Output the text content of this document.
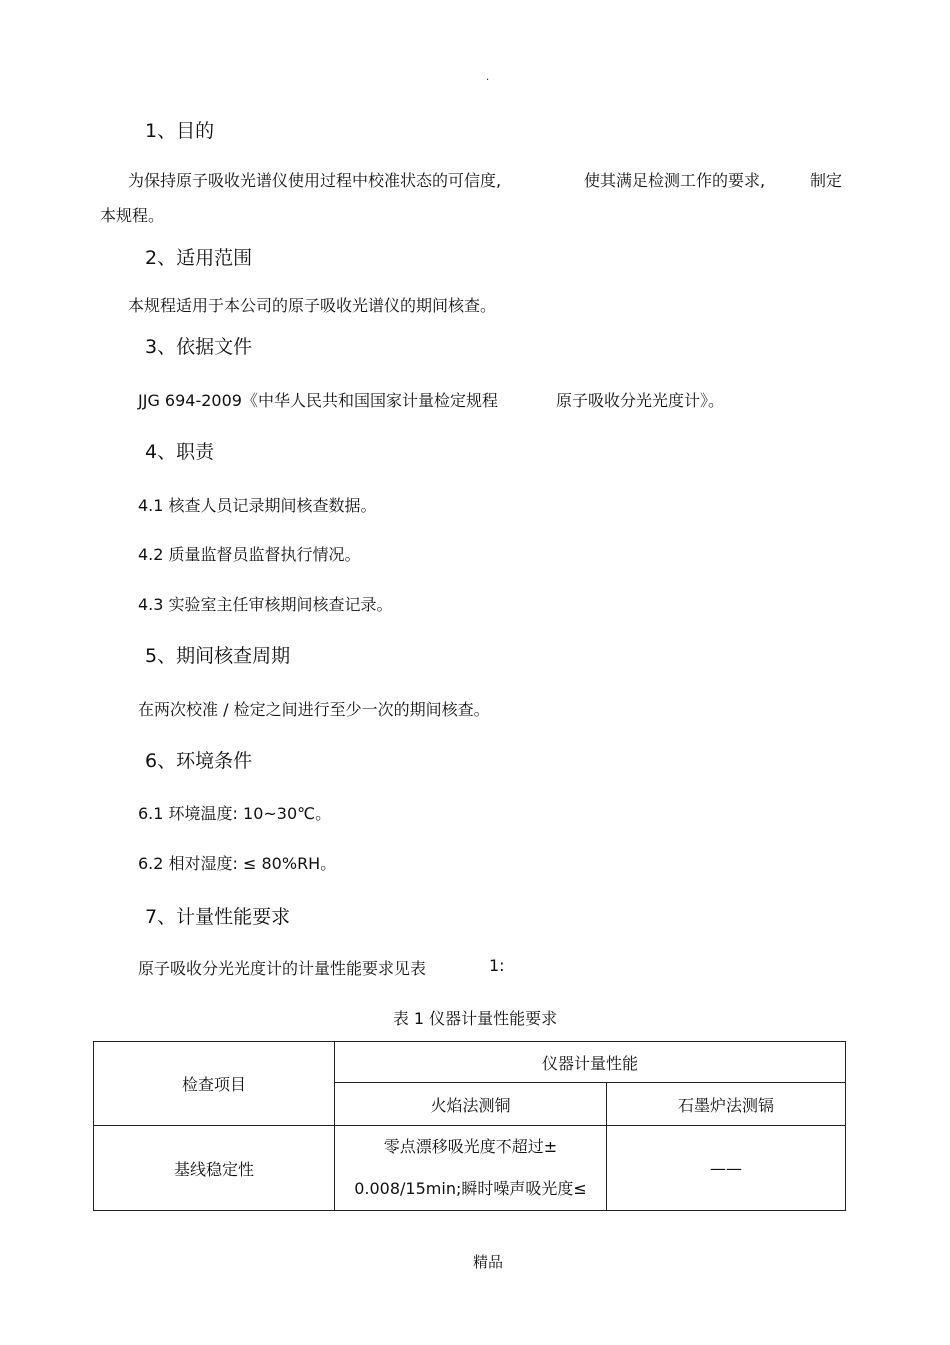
.
1、目的
为保持原子吸收光谱仪使用过程中校准状态的可信度,	使其满足检测工作的要求,	制定
本规程。
2、适用范围
本规程适用于本公司的原子吸收光谱仪的期间核查。
3、依据文件
JJG 694-2009《中华人民共和国国家计量检定规程	原子吸收分光光度计》。
4、职责
4.1 核查人员记录期间核查数据。
4.2 质量监督员监督执行情况。
4.3 实验室主任审核期间核查记录。
5、期间核查周期
在两次校准 / 检定之间进行至少一次的期间核查。
6、环境条件
6.1 环境温度: 10~30℃。
6.2 相对湿度: ≤ 80%RH。
7、计量性能要求
原子吸收分光光度计的计量性能要求见表	1:
表 1 仪器计量性能要求
检查项目	仪器计量性能	
	火焰法测铜	石墨炉法测镉
基线稳定性	零点漂移吸光度不超过±
0.008/15min;瞬时噪声吸光度≤	——
精品
